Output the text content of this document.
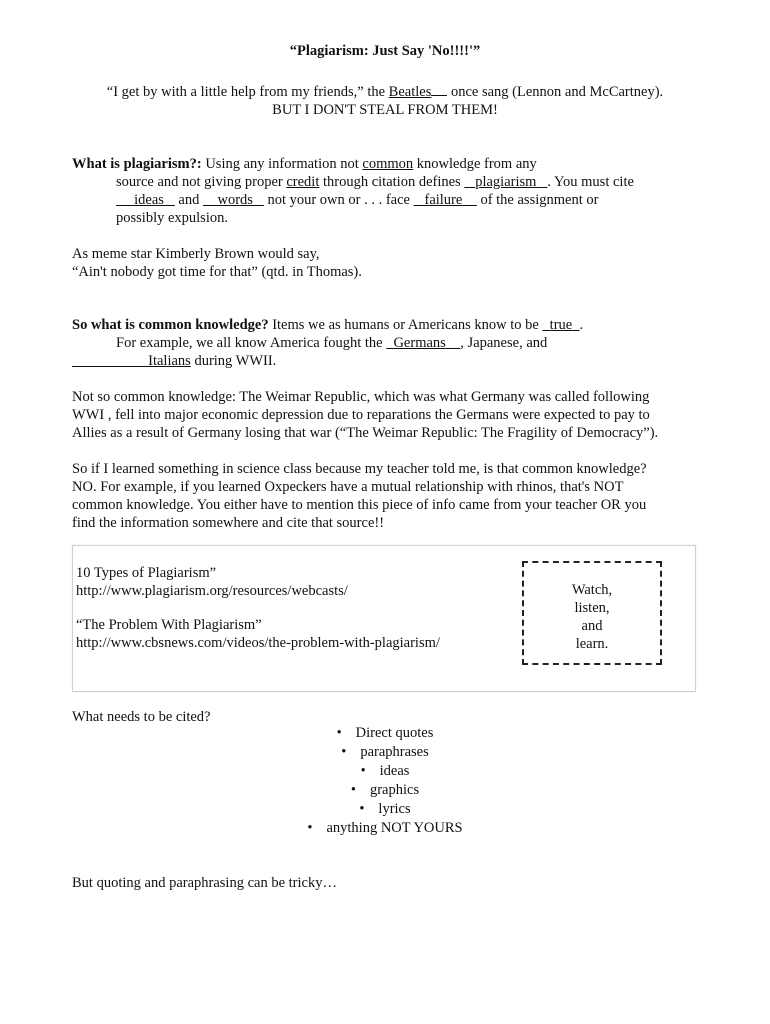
“Plagiarism: Just Say 'No!!!!'”
“I get by with a little help from my friends,” the Beatles once sang (Lennon and McCartney).
BUT I DON'T STEAL FROM THEM!
What is plagiarism?: Using any information not common knowledge from any
source and not giving proper credit through citation defines    plagiarism . You must cite
ideas    and     words    not your own or . . . face    failure     of the assignment or
possibly expulsion.
As meme star Kimberly Brown would say,
“Ain't nobody got time for that” (qtd. in Thomas).
So what is common knowledge? Items we as humans or Americans know to be   true .
For example, we all know America fought the   Germans , Japanese, and
Italians during WWII.
Not so common knowledge: The Weimar Republic, which was what Germany was called following
WWI , fell into major economic depression due to reparations the Germans were expected to pay to
Allies as a result of Germany losing that war (“The Weimar Republic: The Fragility of Democracy”).
So if I learned something in science class because my teacher told me, is that common knowledge?
NO. For example, if you learned Oxpeckers have a mutual relationship with rhinos, that's NOT
common knowledge. You either have to mention this piece of info came from your teacher OR you
find the information somewhere and cite that source!!
10 Types of Plagiarism”
http://www.plagiarism.org/resources/webcasts/
“The Problem With Plagiarism”
http://www.cbsnews.com/videos/the-problem-with-plagiarism/
Watch,
listen,
and
learn.
What needs to be cited?
• Direct quotes
• paraphrases
• ideas
• graphics
• lyrics
• anything NOT YOURS
But quoting and paraphrasing can be tricky…
